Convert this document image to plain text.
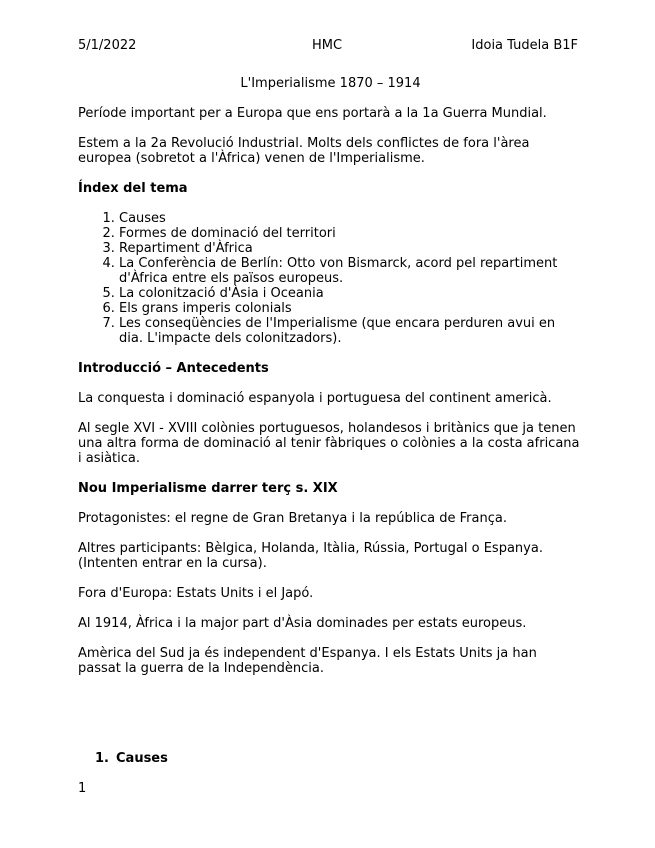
5/1/2022	HMC	Idoia Tudela B1F
L'Imperialisme 1870 – 1914

Període important per a Europa que ens portarà a la 1a Guerra Mundial.

Estem a la 2a Revolució Industrial. Molts dels conflictes de fora l'àrea europea (sobretot a l'Àfrica) venen de l'Imperialisme.

Índex del tema
1. Causes
2. Formes de dominació del territori
3. Repartiment d'Àfrica
4. La Conferència de Berlín: Otto von Bismarck, acord pel repartiment d'Àfrica entre els països europeus.
5. La colonització d'Àsia i Oceania
6. Els grans imperis colonials
7. Les conseqüències de l'Imperialisme (que encara perduren avui en dia. L'impacte dels colonitzadors).
Introducció – Antecedents

La conquesta i dominació espanyola i portuguesa del continent americà.

Al segle XVI - XVIII colònies portuguesos, holandesos i britànics que ja tenen una altra forma de dominació al tenir fàbriques o colònies a la costa africana i asiàtica.

Nou Imperialisme darrer terç s. XIX

Protagonistes: el regne de Gran Bretanya i la república de França.

Altres participants: Bèlgica, Holanda, Itàlia, Rússia, Portugal o Espanya. (Intenten entrar en la cursa).

Fora d'Europa: Estats Units i el Japó.

Al 1914, Àfrica i la major part d'Àsia dominades per estats europeus.

Amèrica del Sud ja és independent d'Espanya. I els Estats Units ja han passat la guerra de la Independència.

1. Causes
1
